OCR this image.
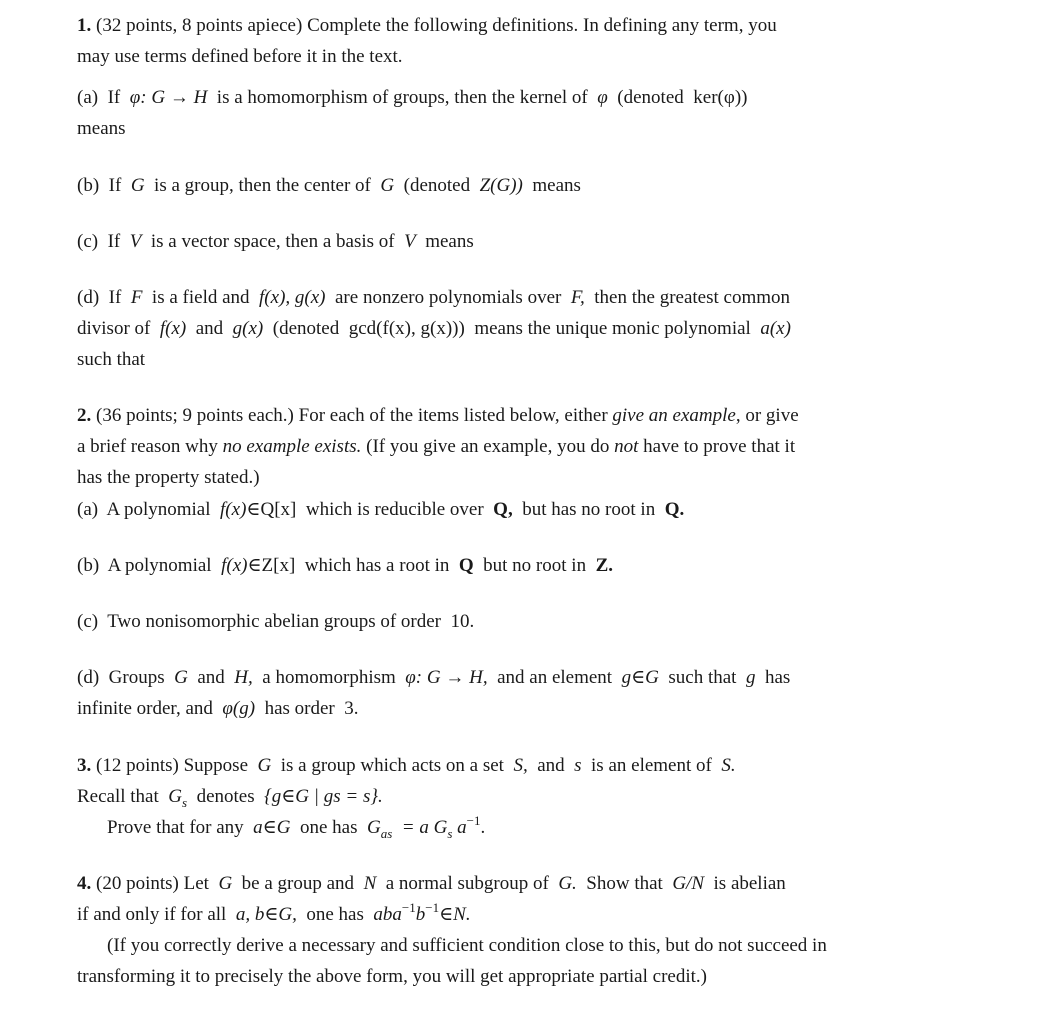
1. (32 points, 8 points apiece) Complete the following definitions. In defining any term, you
may use terms defined before it in the text.
(a) If φ: G → H is a homomorphism of groups, then the kernel of φ (denoted ker(φ))
means
(b) If G is a group, then the center of G (denoted Z(G)) means
(c) If V is a vector space, then a basis of V means
(d) If F is a field and f(x), g(x) are nonzero polynomials over F, then the greatest common
divisor of f(x) and g(x) (denoted gcd(f(x), g(x))) means the unique monic polynomial a(x)
such that
2. (36 points; 9 points each.) For each of the items listed below, either give an example, or give
a brief reason why no example exists. (If you give an example, you do not have to prove that it
has the property stated.)
(a) A polynomial f(x)∈Q[x] which is reducible over Q, but has no root in Q.
(b) A polynomial f(x)∈Z[x] which has a root in Q but no root in Z.
(c) Two nonisomorphic abelian groups of order 10.
(d) Groups G and H, a homomorphism φ: G → H, and an element g∈G such that g has
infinite order, and φ(g) has order 3.
3. (12 points) Suppose G is a group which acts on a set S, and s is an element of S.
Recall that $G_s$ denotes {g∈G | gs = s}.
Prove that for any a∈G one has $G_{as} = a$ $G_s$ $a^{-1}$.
4. (20 points) Let G be a group and N a normal subgroup of G. Show that G/N is abelian
if and only if for all a, b∈G, one has $aba^{-1}b^{-1}\in N$.
(If you correctly derive a necessary and sufficient condition close to this, but do not succeed in
transforming it to precisely the above form, you will get appropriate partial credit.)
